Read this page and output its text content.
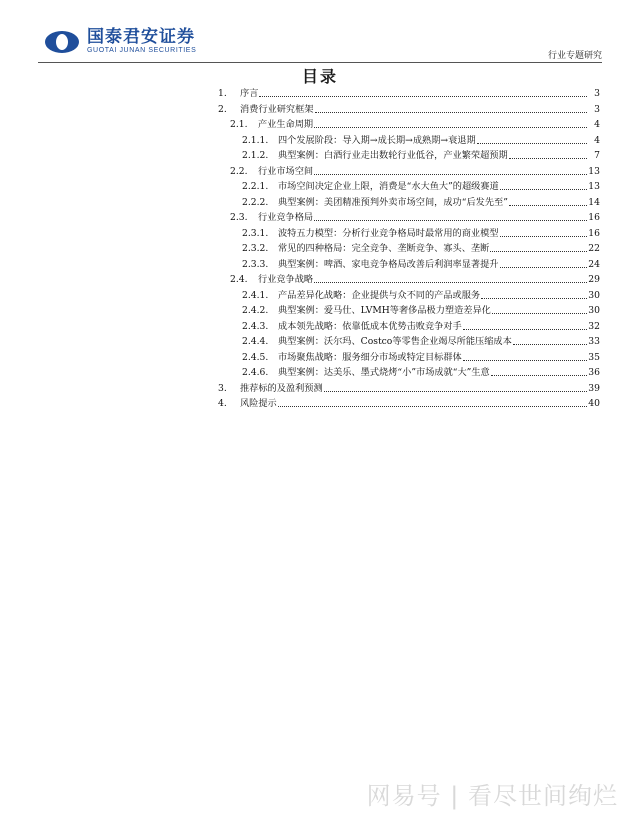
国泰君安证券
GUOTAI JUNAN SECURITIES
行业专题研究
目录
1.	序言	3
2.	消费行业研究框架	3
2.1.	产业生命周期	4
2.1.1.	四个发展阶段：导入期→成长期→成熟期→衰退期	4
2.1.2.	典型案例：白酒行业走出数轮行业低谷，产业繁荣超预期	7
2.2.	行业市场空间	13
2.2.1.	市场空间决定企业上限，消费是“水大鱼大”的超级赛道	13
2.2.2.	典型案例：美团精准预判外卖市场空间，成功“后发先至”	14
2.3.	行业竞争格局	16
2.3.1.	波特五力模型：分析行业竞争格局时最常用的商业模型	16
2.3.2.	常见的四种格局：完全竞争、垄断竞争、寡头、垄断	22
2.3.3.	典型案例：啤酒、家电竞争格局改善后利润率显著提升	24
2.4.	行业竞争战略	29
2.4.1.	产品差异化战略：企业提供与众不同的产品或服务	30
2.4.2.	典型案例：爱马仕、LVMH等奢侈品极力塑造差异化	30
2.4.3.	成本领先战略：依靠低成本优势击败竞争对手	32
2.4.4.	典型案例：沃尔玛、Costco等零售企业竭尽所能压缩成本	33
2.4.5.	市场聚焦战略：服务细分市场或特定目标群体	35
2.4.6.	典型案例：达美乐、墨式烧烤“小”市场成就“大”生意	36
3.	推荐标的及盈利预测	39
4.	风险提示	40
网易号 | 看尽世间绚烂
